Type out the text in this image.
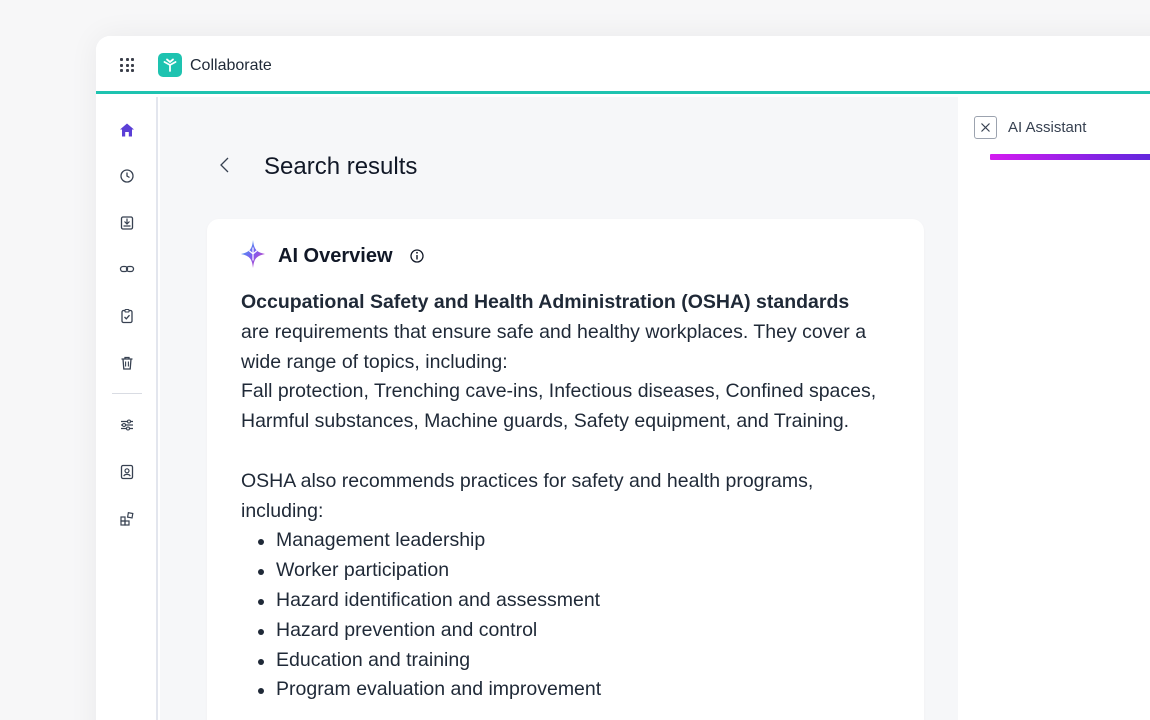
Collaborate
Search results
AI Overview

Occupational Safety and Health Administration (OSHA) standards are requirements that ensure safe and healthy workplaces. They cover a wide range of topics, including:

Fall protection, Trenching cave-ins, Infectious diseases, Confined spaces, Harmful substances, Machine guards, Safety equipment, and Training.

OSHA also recommends practices for safety and health programs, including:

Management leadership
Worker participation
Hazard identification and assessment
Hazard prevention and control
Education and training
Program evaluation and improvement
AI Assistant
